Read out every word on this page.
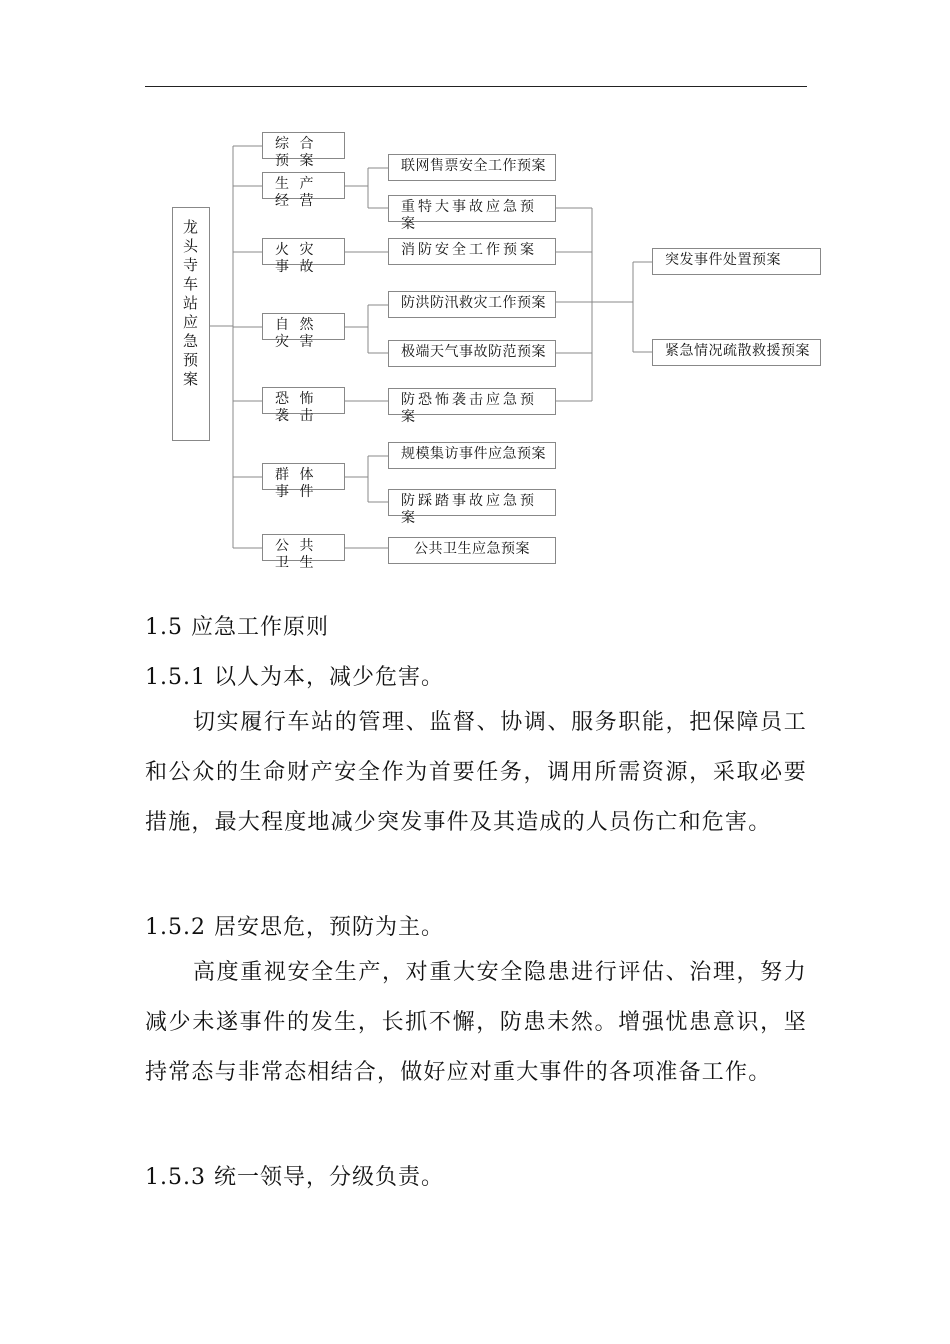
龙头寺车站应急预案
综 合 预 案
生 产 经 营
火 灾 事 故
自 然 灾 害
恐 怖 袭 击
群 体 事 件
公 共 卫 生
联网售票安全工作预案
重特大事故应急预案
消防安全工作预案
防洪防汛救灾工作预案
极端天气事故防范预案
防恐怖袭击应急预案
规模集访事件应急预案
防踩踏事故应急预案
公共卫生应急预案
突发事件处置预案
紧急情况疏散救援预案
1.5 应急工作原则
1.5.1 以人为本，减少危害。
切实履行车站的管理、监督、协调、服务职能，把保障员工和公众的生命财产安全作为首要任务，调用所需资源，采取必要措施，最大程度地减少突发事件及其造成的人员伤亡和危害。
1.5.2 居安思危，预防为主。
高度重视安全生产，对重大安全隐患进行评估、治理，努力减少未遂事件的发生，长抓不懈，防患未然。增强忧患意识，坚持常态与非常态相结合，做好应对重大事件的各项准备工作。
1.5.3 统一领导，分级负责。
